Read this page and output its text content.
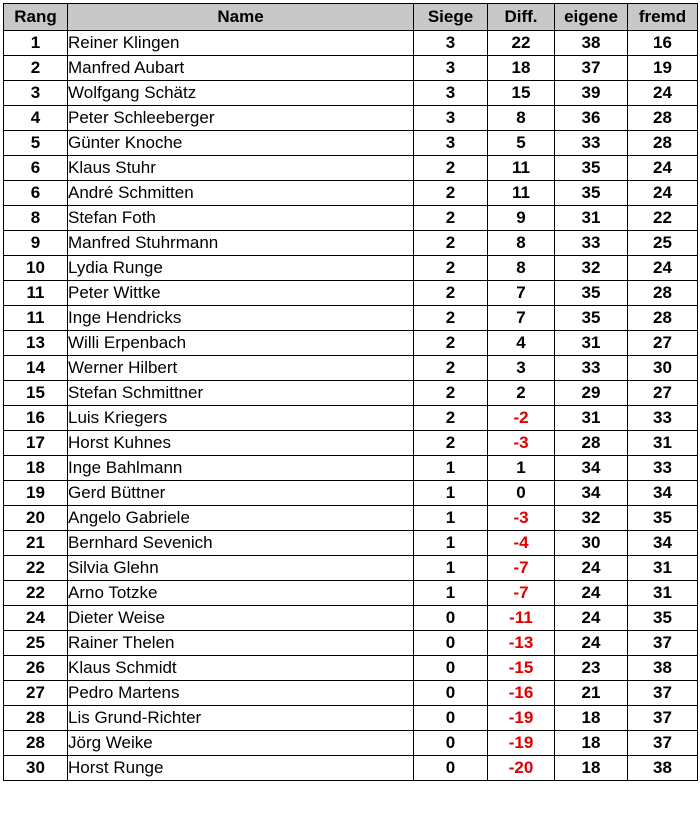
Rang	Name	Siege	Diff.	eigene	fremd
1	Reiner Klingen	3	22	38	16
2	Manfred Aubart	3	18	37	19
3	Wolfgang Schätz	3	15	39	24
4	Peter Schleeberger	3	8	36	28
5	Günter Knoche	3	5	33	28
6	Klaus Stuhr	2	11	35	24
6	André Schmitten	2	11	35	24
8	Stefan Foth	2	9	31	22
9	Manfred Stuhrmann	2	8	33	25
10	Lydia Runge	2	8	32	24
11	Peter Wittke	2	7	35	28
11	Inge Hendricks	2	7	35	28
13	Willi Erpenbach	2	4	31	27
14	Werner Hilbert	2	3	33	30
15	Stefan Schmittner	2	2	29	27
16	Luis Kriegers	2	-2	31	33
17	Horst Kuhnes	2	-3	28	31
18	Inge Bahlmann	1	1	34	33
19	Gerd Büttner	1	0	34	34
20	Angelo Gabriele	1	-3	32	35
21	Bernhard Sevenich	1	-4	30	34
22	Silvia Glehn	1	-7	24	31
22	Arno Totzke	1	-7	24	31
24	Dieter Weise	0	-11	24	35
25	Rainer Thelen	0	-13	24	37
26	Klaus Schmidt	0	-15	23	38
27	Pedro Martens	0	-16	21	37
28	Lis Grund-Richter	0	-19	18	37
28	Jörg Weike	0	-19	18	37
30	Horst Runge	0	-20	18	38
